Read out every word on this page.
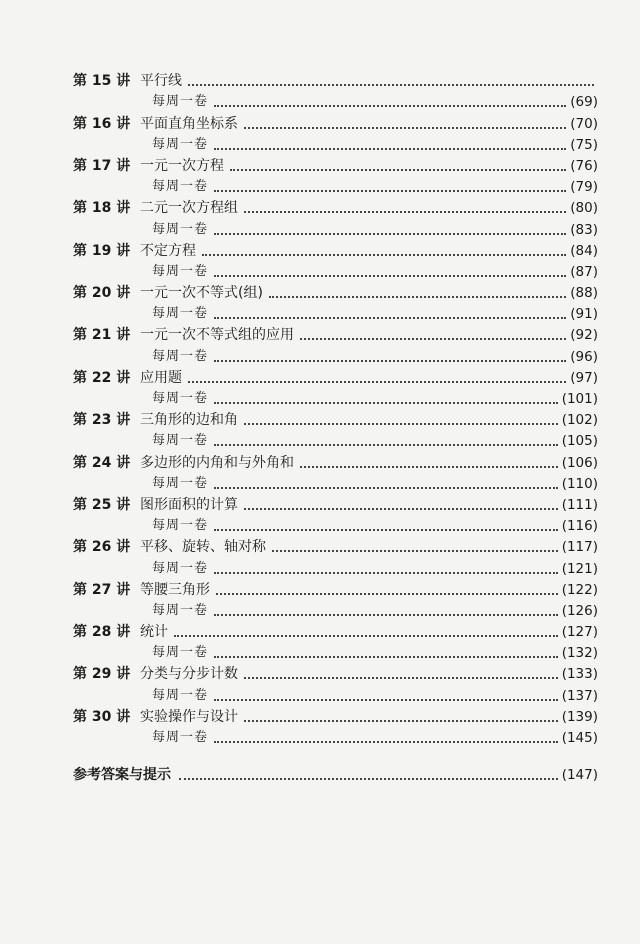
第 15 讲 平行线
每周一卷	(69)
第 16 讲 平面直角坐标系	(70)
每周一卷	(75)
第 17 讲 一元一次方程	(76)
每周一卷	(79)
第 18 讲 二元一次方程组	(80)
每周一卷	(83)
第 19 讲 不定方程	(84)
每周一卷	(87)
第 20 讲 一元一次不等式(组)	(88)
每周一卷	(91)
第 21 讲 一元一次不等式组的应用	(92)
每周一卷	(96)
第 22 讲 应用题	(97)
每周一卷	(101)
第 23 讲 三角形的边和角	(102)
每周一卷	(105)
第 24 讲 多边形的内角和与外角和	(106)
每周一卷	(110)
第 25 讲 图形面积的计算	(111)
每周一卷	(116)
第 26 讲 平移、旋转、轴对称	(117)
每周一卷	(121)
第 27 讲 等腰三角形	(122)
每周一卷	(126)
第 28 讲 统计	(127)
每周一卷	(132)
第 29 讲 分类与分步计数	(133)
每周一卷	(137)
第 30 讲 实验操作与设计	(139)
每周一卷	(145)
参考答案与提示	(147)
